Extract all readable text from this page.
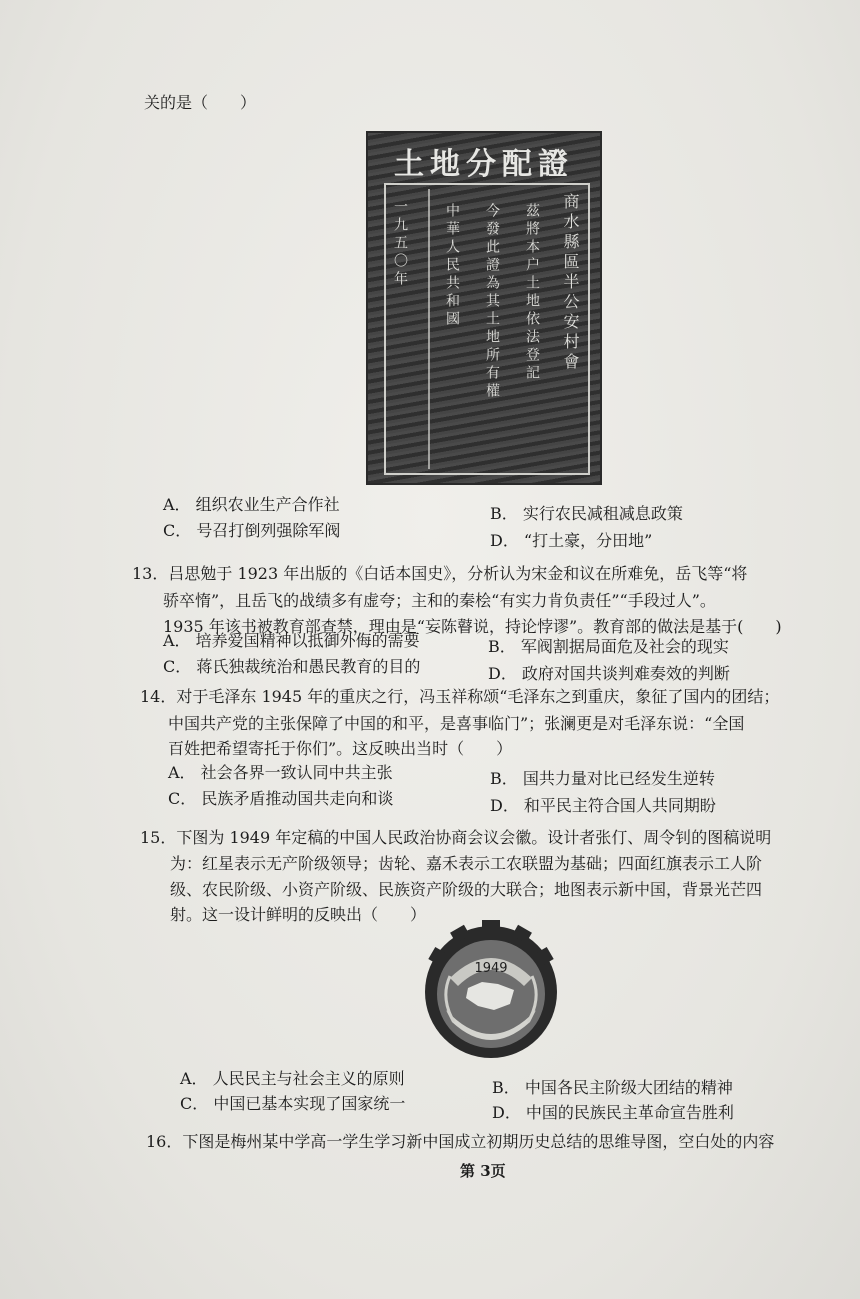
关的是（　　）
土地分配證
商水縣區半公安村會
茲將本户土地依法登記
今發此證為其土地所有權
中華人民共和國
一九五〇年
A． 组织农业生产合作社	B． 实行农民减租减息政策
C． 号召打倒列强除军阀
D． “打土豪，分田地”
13．吕思勉于 1923 年出版的《白话本国史》，分析认为宋金和议在所难免，岳飞等“将
骄卒惰”，且岳飞的战绩多有虚夸；主和的秦桧“有实力肯负责任”“手段过人”。
1935 年该书被教育部查禁，理由是“妄陈瞽说，持论悖谬”。教育部的做法是基于(　　)
A． 培养爱国精神以抵御外侮的需要	B． 军阀割据局面危及社会的现实
C． 蒋氏独裁统治和愚民教育的目的	D． 政府对国共谈判难奏效的判断
14．对于毛泽东 1945 年的重庆之行，冯玉祥称颂“毛泽东之到重庆，象征了国内的团结；
中国共产党的主张保障了中国的和平，是喜事临门”；张澜更是对毛泽东说：“全国
百姓把希望寄托于你们”。这反映出当时（　　）
A． 社会各界一致认同中共主张	B． 国共力量对比已经发生逆转
C． 民族矛盾推动国共走向和谈	D． 和平民主符合国人共同期盼
15．下图为 1949 年定稿的中国人民政治协商会议会徽。设计者张仃、周令钊的图稿说明
为：红星表示无产阶级领导；齿轮、嘉禾表示工农联盟为基础；四面红旗表示工人阶
级、农民阶级、小资产阶级、民族资产阶级的大联合；地图表示新中国，背景光芒四
射。这一设计鲜明的反映出（　　）
1949
A． 人民民主与社会主义的原则	B． 中国各民主阶级大团结的精神
C． 中国已基本实现了国家统一	D． 中国的民族民主革命宣告胜利
16．下图是梅州某中学高一学生学习新中国成立初期历史总结的思维导图，空白处的内容
第 3页
